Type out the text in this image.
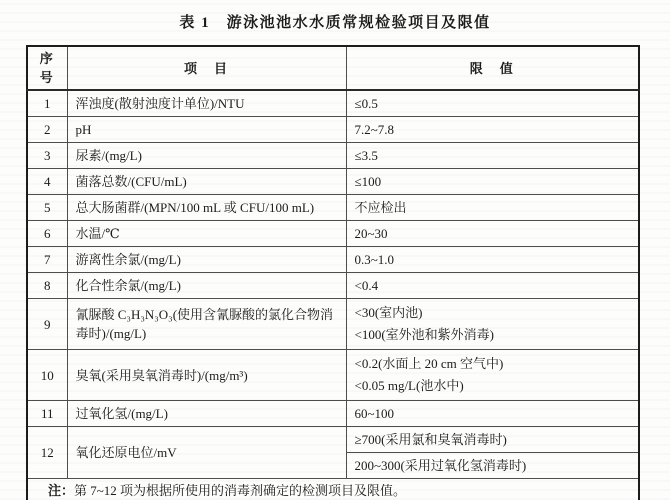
表 1　游泳池池水水质常规检验项目及限值
序号	项　目	限　值
1	浑浊度(散射浊度计单位)/NTU	≤0.5
2	pH	7.2~7.8
3	尿素/(mg/L)	≤3.5
4	菌落总数/(CFU/mL)	≤100
5	总大肠菌群/(MPN/100 mL 或 CFU/100 mL)	不应检出
6	水温/℃	20~30
7	游离性余氯/(mg/L)	0.3~1.0
8	化合性余氯/(mg/L)	<0.4
9	氰脲酸 C₃H₃N₃O₃(使用含氰脲酸的氯化合物消毒时)/(mg/L)	<30(室内池)
<100(室外池和紫外消毒)

10	臭氧(采用臭氧消毒时)/(mg/m³)	<0.2(水面上 20 cm 空气中)
<0.05 mg/L(池水中)

11	过氧化氢/(mg/L)	60~100
12	氧化还原电位/mV	≥700(采用氯和臭氧消毒时)
		200~300(采用过氧化氢消毒时)
注：第 7~12 项为根据所使用的消毒剂确定的检测项目及限值。		
